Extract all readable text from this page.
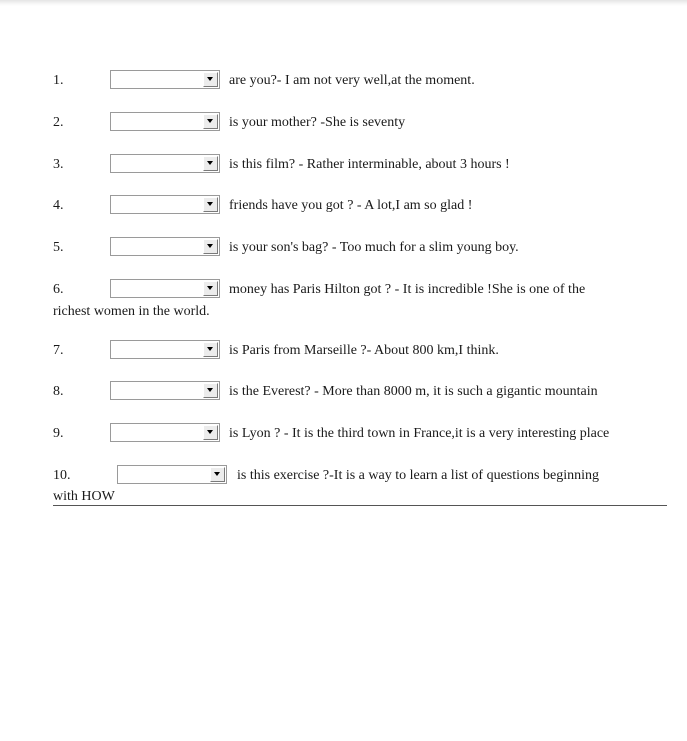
1.	are you?- I am not very well,at the moment.
2.	is your mother? -She is seventy
3.	is this film? - Rather interminable, about 3 hours !
4.	friends have you got ? - A lot,I am so glad !
5.	is your son's bag? - Too much for a slim young boy.
6.	money has Paris Hilton got ? - It is incredible !She is one of the
richest women in the world.
7.	is Paris from Marseille ?- About 800 km,I think.
8.	is the Everest? - More than 8000 m, it is such a gigantic mountain
9.	is Lyon ? - It is the third town in France,it is a very interesting place
10.	is this exercise ?-It is a way to learn a list of questions beginning
with HOW
